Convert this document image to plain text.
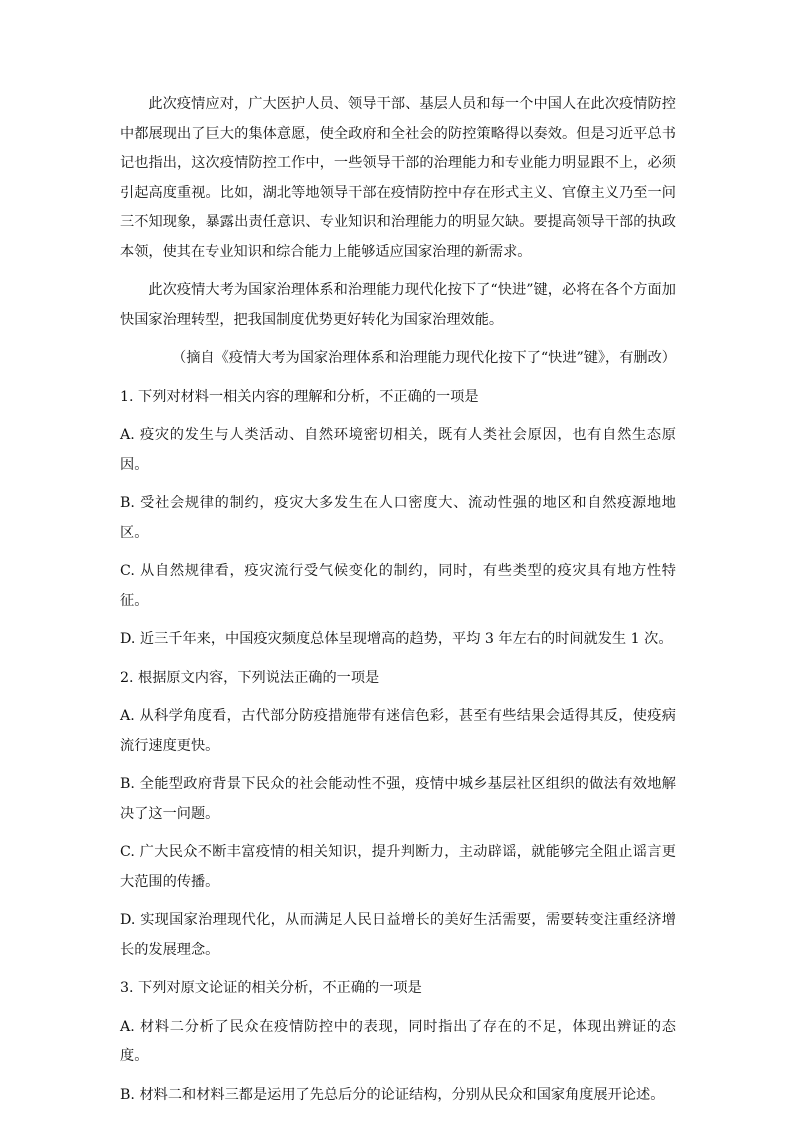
此次疫情应对，广大医护人员、领导干部、基层人员和每一个中国人在此次疫情防控中都展现出了巨大的集体意愿，使全政府和全社会的防控策略得以奏效。但是习近平总书记也指出，这次疫情防控工作中，一些领导干部的治理能力和专业能力明显跟不上，必须引起高度重视。比如，湖北等地领导干部在疫情防控中存在形式主义、官僚主义乃至一问三不知现象，暴露出责任意识、专业知识和治理能力的明显欠缺。要提高领导干部的执政本领，使其在专业知识和综合能力上能够适应国家治理的新需求。

此次疫情大考为国家治理体系和治理能力现代化按下了“快进”键，必将在各个方面加快国家治理转型，把我国制度优势更好转化为国家治理效能。

（摘自《疫情大考为国家治理体系和治理能力现代化按下了“快进”键》，有删改）

1. 下列对材料一相关内容的理解和分析，不正确的一项是

A. 疫灾的发生与人类活动、自然环境密切相关，既有人类社会原因，也有自然生态原因。

B. 受社会规律的制约，疫灾大多发生在人口密度大、流动性强的地区和自然疫源地地区。

C. 从自然规律看，疫灾流行受气候变化的制约，同时，有些类型的疫灾具有地方性特征。

D. 近三千年来，中国疫灾频度总体呈现增高的趋势，平均 3 年左右的时间就发生 1 次。

2. 根据原文内容，下列说法正确的一项是

A. 从科学角度看，古代部分防疫措施带有迷信色彩，甚至有些结果会适得其反，使疫病流行速度更快。

B. 全能型政府背景下民众的社会能动性不强，疫情中城乡基层社区组织的做法有效地解决了这一问题。

C. 广大民众不断丰富疫情的相关知识，提升判断力，主动辟谣，就能够完全阻止谣言更大范围的传播。

D. 实现国家治理现代化，从而满足人民日益增长的美好生活需要，需要转变注重经济增长的发展理念。

3. 下列对原文论证的相关分析，不正确的一项是

A. 材料二分析了民众在疫情防控中的表现，同时指出了存在的不足，体现出辨证的态度。

B. 材料二和材料三都是运用了先总后分的论证结构，分别从民众和国家角度展开论述。
